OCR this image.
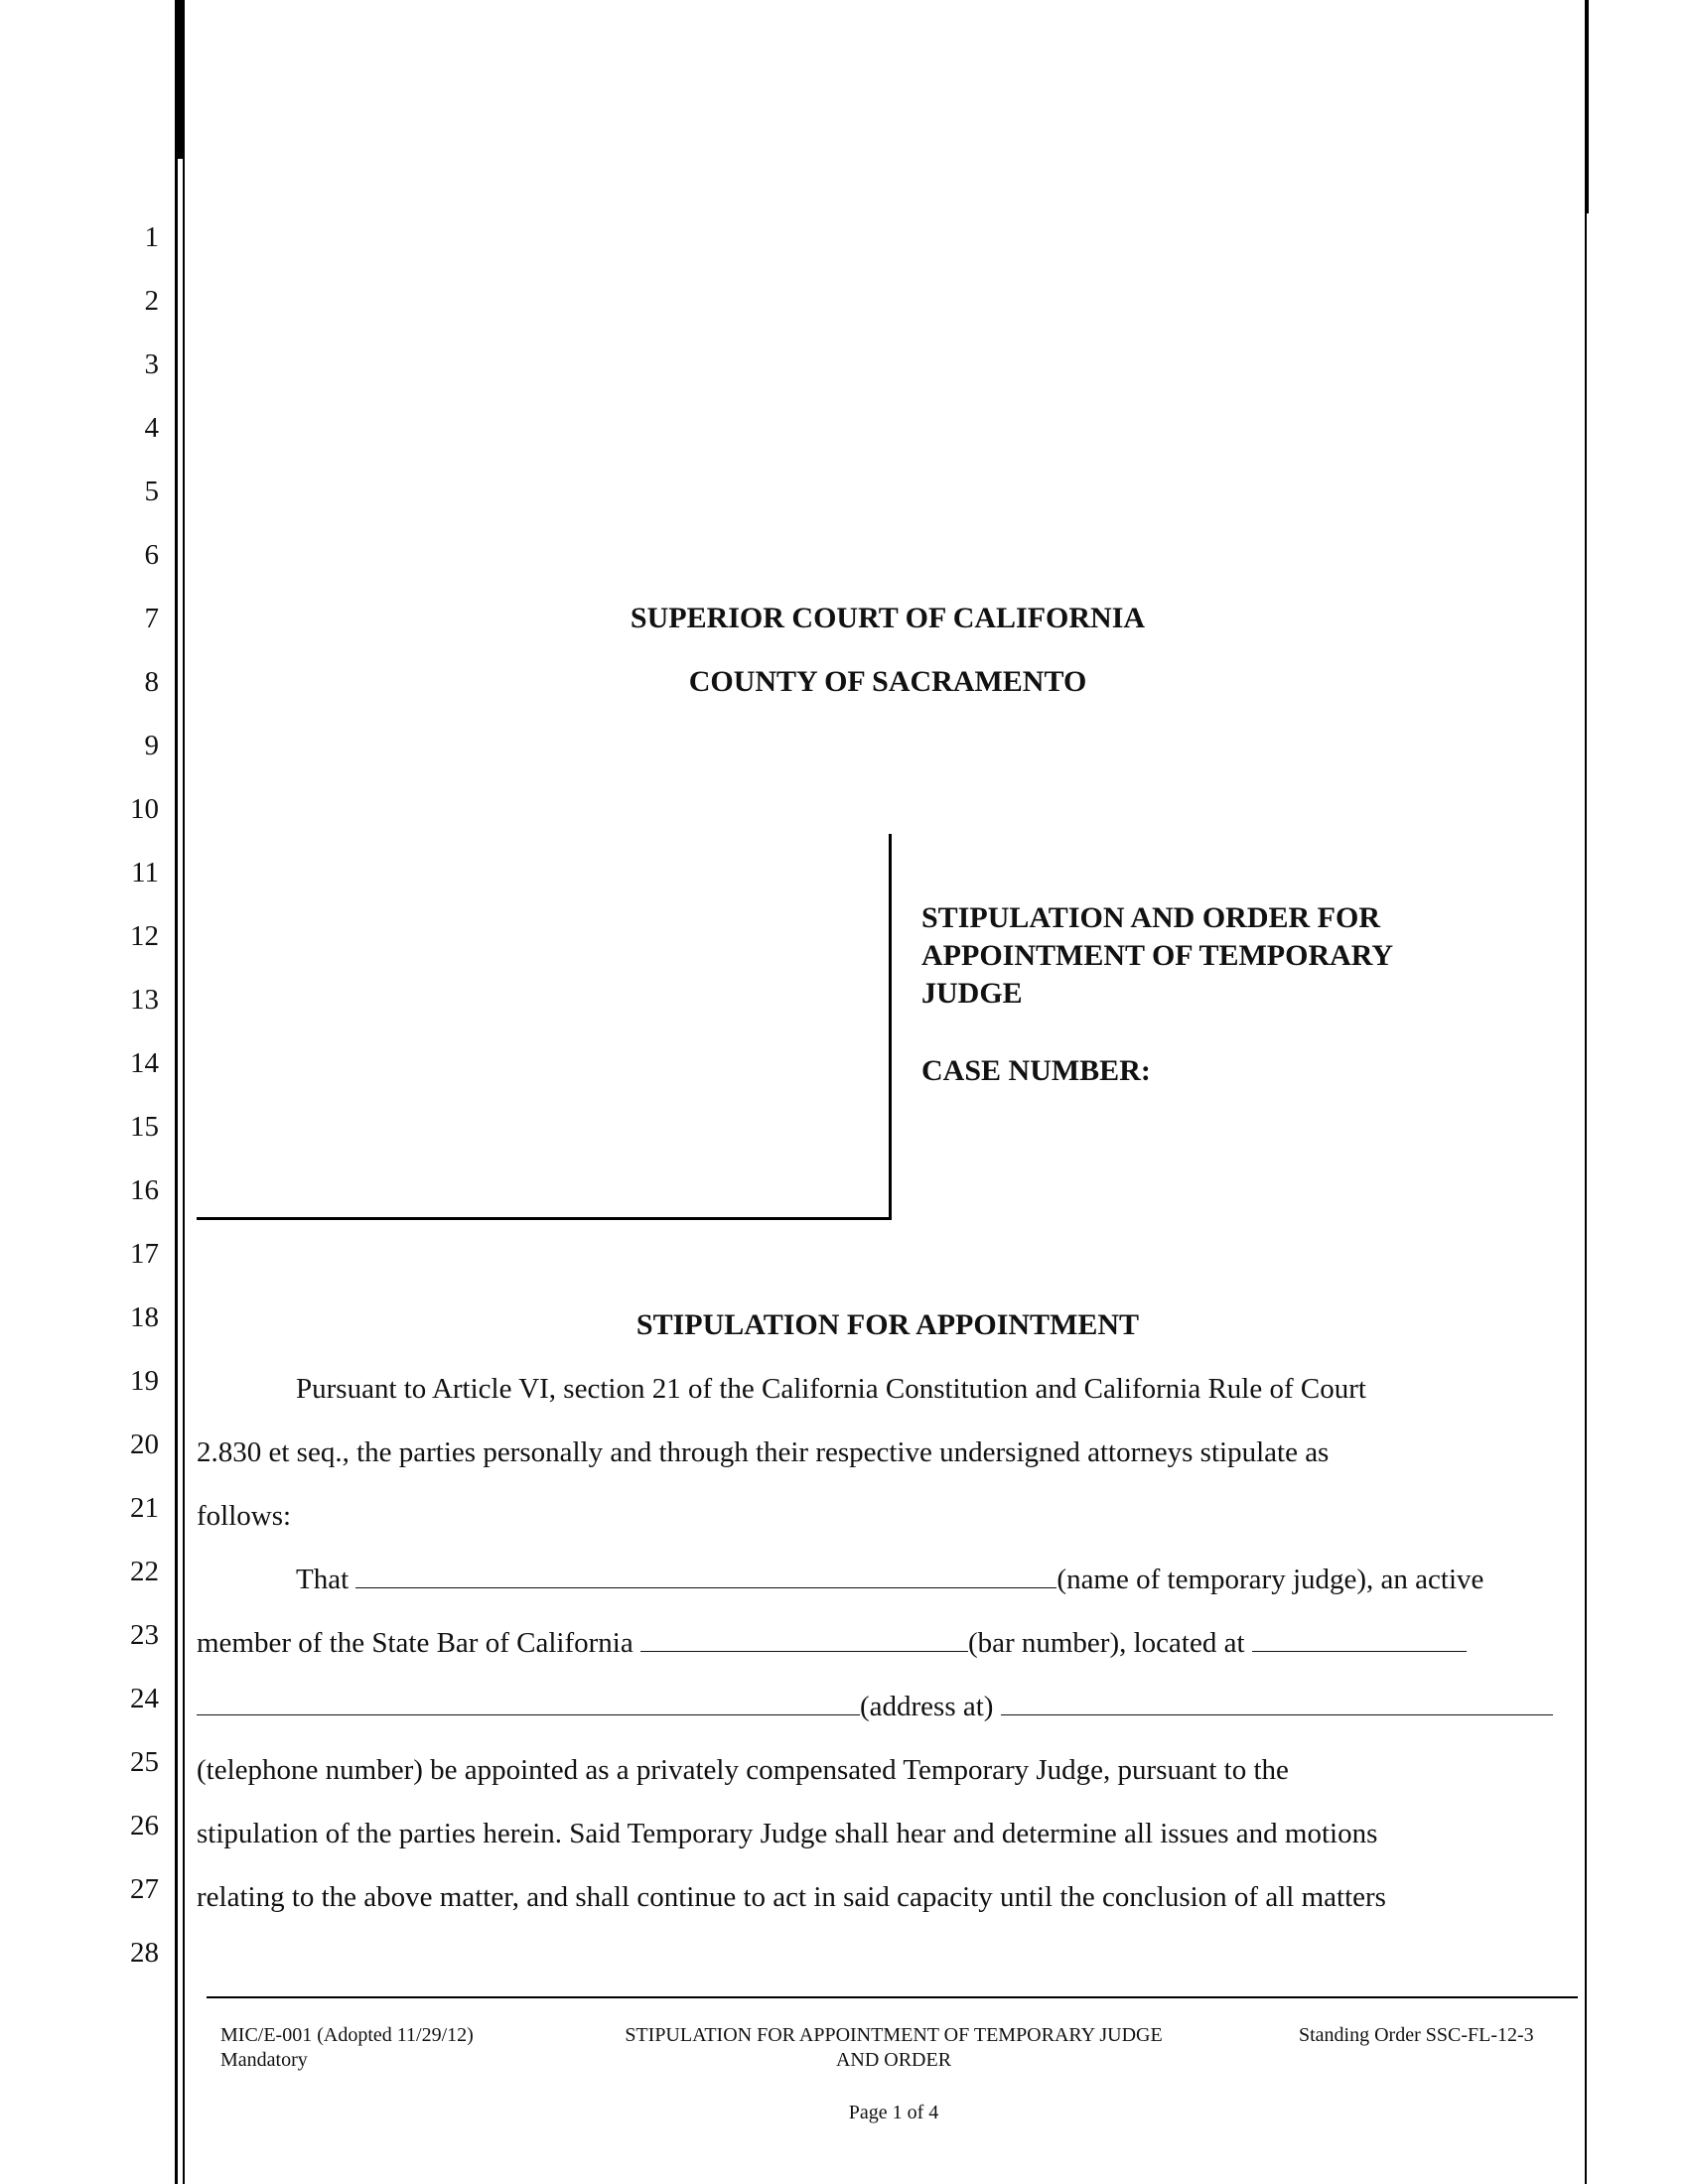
1
2
3
4
5
6
7
8
9
10
11
12
13
14
15
16
17
18
19
20
21
22
23
24
25
26
27
28
SUPERIOR COURT OF CALIFORNIA
COUNTY OF SACRAMENTO
STIPULATION AND ORDER FOR
APPOINTMENT OF TEMPORARY
JUDGE
CASE NUMBER:
STIPULATION FOR APPOINTMENT
Pursuant to Article VI, section 21 of the California Constitution and California Rule of Court
2.830 et seq., the parties personally and through their respective undersigned attorneys stipulate as
follows:
That	(name of temporary judge), an active
member of the State Bar of California	(bar number), located at
(address at)
(telephone number) be appointed as a privately compensated Temporary Judge, pursuant to the
stipulation of the parties herein. Said Temporary Judge shall hear and determine all issues and motions
relating to the above matter, and shall continue to act in said capacity until the conclusion of all matters
MIC/E-001 (Adopted 11/29/12)
Mandatory
STIPULATION FOR APPOINTMENT OF TEMPORARY JUDGE
AND ORDER
Standing Order SSC-FL-12-3
Page 1 of 4
